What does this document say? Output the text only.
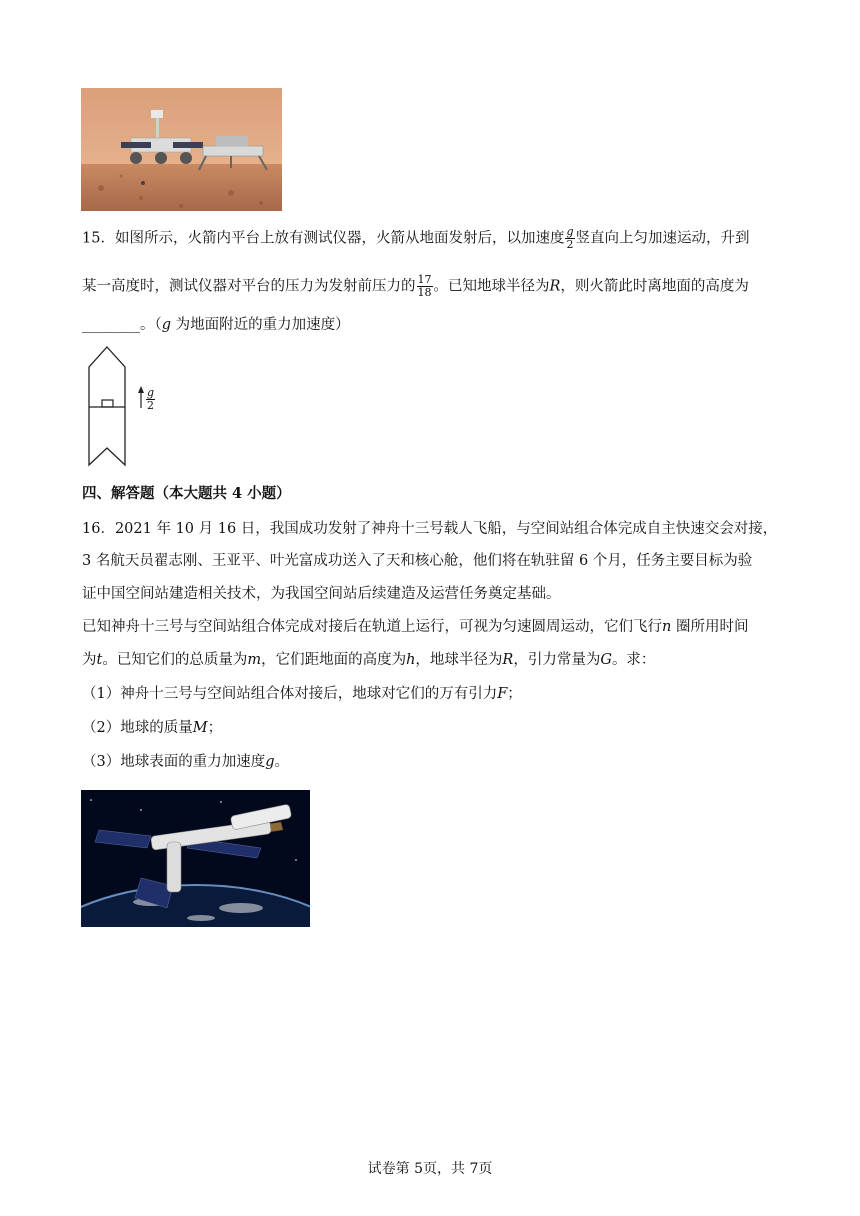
15．如图所示，火箭内平台上放有测试仪器，火箭从地面发射后，以加速度 $\frac{g}{2}$ 竖直向上匀加速运动，升到
某一高度时，测试仪器对平台的压力为发射前压力的 $\frac{17}{18}$ 。已知地球半径为R，则火箭此时离地面的高度为
________。（g 为地面附近的重力加速度）
$\frac{g}{2}$
四、解答题（本大题共 4 小题）
16．2021 年 10 月 16 日，我国成功发射了神舟十三号载人飞船，与空间站组合体完成自主快速交会对接，
3 名航天员翟志刚、王亚平、叶光富成功送入了天和核心舱，他们将在轨驻留 6 个月，任务主要目标为验
证中国空间站建造相关技术，为我国空间站后续建造及运营任务奠定基础。
已知神舟十三号与空间站组合体完成对接后在轨道上运行，可视为匀速圆周运动，它们飞行n 圈所用时间
为t。已知它们的总质量为m，它们距地面的高度为h，地球半径为R，引力常量为G。求：
（1）神舟十三号与空间站组合体对接后，地球对它们的万有引力F；
（2）地球的质量M；
（3）地球表面的重力加速度g。
试卷第 5页，共 7页
